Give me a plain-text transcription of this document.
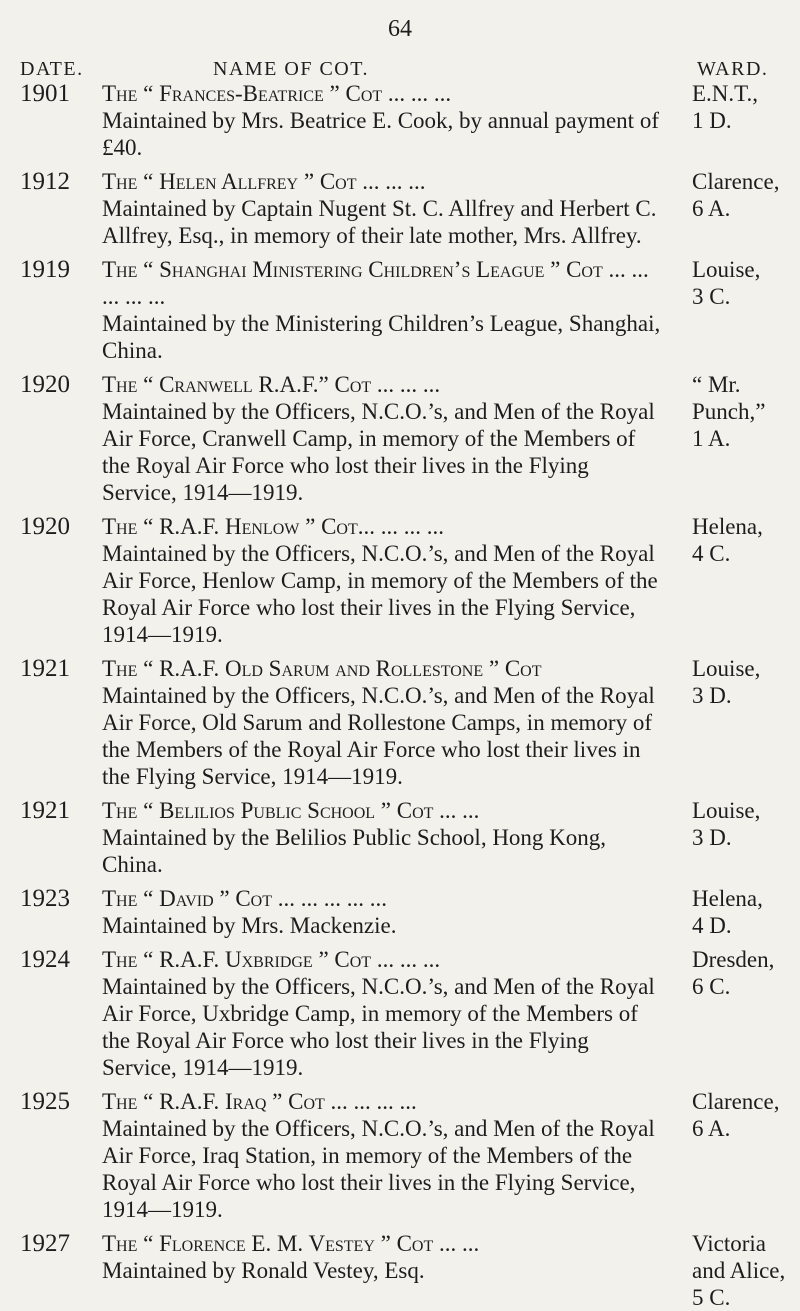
64
DATE.	NAME OF COT.	WARD.
1901 The “ Frances-Beatrice ” Cot ... ... ...
Maintained by Mrs. Beatrice E. Cook, by annual payment of £40.
E.N.T.,
1 D.
1912 The “ Helen Allfrey ” Cot ... ... ...
Maintained by Captain Nugent St. C. Allfrey and Herbert C. Allfrey, Esq., in memory of their late mother, Mrs. Allfrey.
Clarence,
6 A.
1919 The “ Shanghai Ministering Children’s League ” Cot ... ... ... ... ...
Maintained by the Ministering Children’s League, Shanghai, China.
Louise,
3 C.
1920 The “ Cranwell R.A.F.” Cot ... ... ...
Maintained by the Officers, N.C.O.’s, and Men of the Royal Air Force, Cranwell Camp, in memory of the Members of the Royal Air Force who lost their lives in the Flying Service, 1914—1919.
“ Mr.
Punch,”
1 A.
1920 The “ R.A.F. Henlow ” Cot... ... ... ...
Maintained by the Officers, N.C.O.’s, and Men of the Royal Air Force, Henlow Camp, in memory of the Members of the Royal Air Force who lost their lives in the Flying Service, 1914—1919.
Helena,
4 C.
1921 The “ R.A.F. Old Sarum and Rollestone ” Cot
Maintained by the Officers, N.C.O.’s, and Men of the Royal Air Force, Old Sarum and Rollestone Camps, in memory of the Members of the Royal Air Force who lost their lives in the Flying Service, 1914—1919.
Louise,
3 D.
1921 The “ Belilios Public School ” Cot ... ...
Maintained by the Belilios Public School, Hong Kong, China.
Louise,
3 D.
1923 The “ David ” Cot ... ... ... ... ...
Maintained by Mrs. Mackenzie.
Helena,
4 D.
1924 The “ R.A.F. Uxbridge ” Cot ... ... ...
Maintained by the Officers, N.C.O.’s, and Men of the Royal Air Force, Uxbridge Camp, in memory of the Members of the Royal Air Force who lost their lives in the Flying Service, 1914—1919.
Dresden,
6 C.
1925 The “ R.A.F. Iraq ” Cot ... ... ... ...
Maintained by the Officers, N.C.O.’s, and Men of the Royal Air Force, Iraq Station, in memory of the Members of the Royal Air Force who lost their lives in the Flying Service, 1914—1919.
Clarence,
6 A.
1927 The “ Florence E. M. Vestey ” Cot ... ...
Maintained by Ronald Vestey, Esq.
Victoria
and Alice,
5 C.
